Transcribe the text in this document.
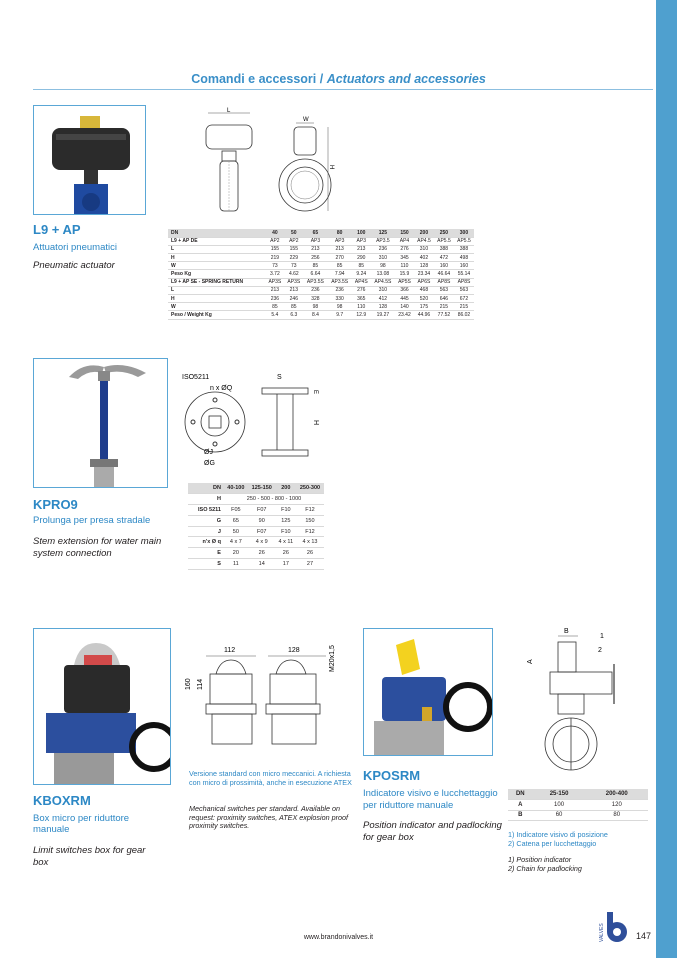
Comandi e accessori / Actuators and accessories
L
W
H
L9 + AP
Attuatori pneumatici
Pneumatic actuator
DN	40	50	65	80	100	125	150	200	250	300
L9 + AP DE	AP2	AP2	AP3	AP3	AP3	AP3.5	AP4	AP4.5	AP5.5	AP5.5
L	155	155	213	213	213	236	276	310	388	388
H	219	229	256	270	290	310	345	402	472	498
W	73	73	85	85	85	98	110	128	160	160
Peso Kg	3.72	4.62	6.64	7.94	9.24	13.08	15.9	23.34	46.64	55.14
L9 + AP SE - SPRING RETURN	AP3S	AP3S	AP3.5S	AP3.5S	AP4S	AP4.5S	AP5S	AP6S	AP8S	AP8S
L	213	213	236	236	276	310	366	468	563	563
H	236	246	328	330	365	412	445	520	646	672
W	85	85	98	98	110	128	140	175	215	215
Peso / Weight Kg	5.4	6.3	8.4	9.7	12.9	19.27	23.42	44.96	77.52	86.02
ISO5211
n x ØQ
ØJ
ØG
S
E
H
KPRO9
Prolunga per presa stradale
Stem extension for water main system connection
DN	40-100	125-150	200	250-300
H	250 - 500 - 800 - 1000			
ISO 5211	F05	F07	F10	F12
G	65	90	125	150
J	50	F07	F10	F12
n'x Ø q	4 x 7	4 x 9	4 x 11	4 x 13
E	20	26	26	26
S	11	14	17	27
112	128
160 114
M20x1,5
Versione standard con micro meccanici. A richiesta con micro di prossimità, anche in esecuzione ATEX
Mechanical switches per standard. Available on request: proximity switches, ATEX explosion proof proximity switches.
KBOXRM
Box micro per riduttore manuale
Limit switches box for gear box
B
A
1
2
KPOSRM
Indicatore visivo e lucchettaggio per riduttore manuale
Position indicator and padlocking for gear box
DN	25-150	200-400
A	100	120
B	60	80
1) Indicatore visivo di posizione
2) Catena per lucchettaggio
1) Position indicator
2) Chain for padlocking
www.brandonivalves.it	VALVES	147
